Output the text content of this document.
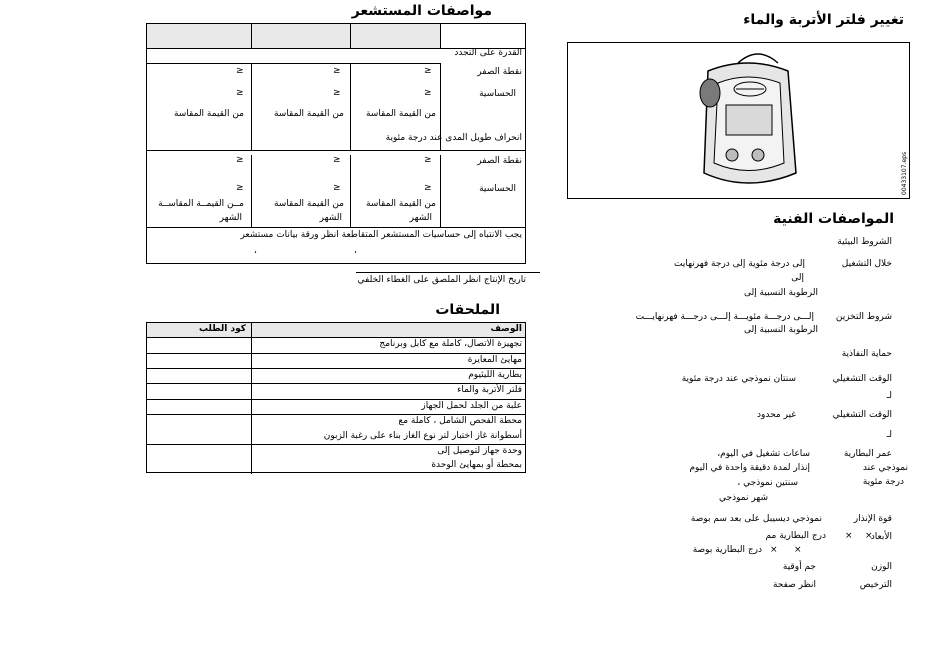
مواصفات المستشعر
القدرة على التجدد
نقطة الصفر
≥
≥
≥
الحساسية
≥
≥
≥
من القيمة المقاسة
من القيمة المقاسة
من القيمة المقاسة
انحراف طويل المدى عند درجة مئوية
نقطة الصفر
≥
≥
≥
الحساسية
≥
≥
≥
من القيمة المقاسة
من القيمة المقاسة
مــن القيمــة المقاســة
الشهر
الشهر
الشهر
يجب الانتباه إلى حساسيات المستشعر المتقاطعة انظر ورقة بيانات مستشعر
،
،
تاريخ الإنتاج انظر الملصق على الغطاء الخلفي
الملحقات
الوصف
كود الطلب
تجهيزة الاتصال، كاملة مع كابل وبرنامج
مهايئ المعايرة
بطارية الليثيوم
فلتر الأتربة والماء
علبة من الجلد لحمل الجهاز
محطة الفحص الشامل ، كاملة مع
أسطوانة غاز اختبار لتر نوع الغاز بناء على رغبة الزبون
وحدة جهاز لتوصيل إلى
بمحطة أو بمهايئ الوحدة
تغيير فلتر الأتربة والماء
00433107.eps
المواصفات الفنية
الشروط البيئية
خلال التشغيل
إلى درجة مئوية إلى درجة فهرنهايت
إلى
الرطوبة النسبية إلى
شروط التخزين
إلـــى درجـــة مئويـــة إلـــى درجـــة فهرنهايـــت
الرطوبة النسبية إلى
حماية النفاذية
الوقت التشغيلي
سنتان نموذجي عند درجة مئوية
لـ
الوقت التشغيلي
غير محدود
لـ
عمر البطارية
نموذجي عند
درجة مئوية
ساعات تشغيل في اليوم،
إنذار لمدة دقيقة واحدة في اليوم
سنتين نموذجي ،
شهر نموذجي
قوة الإنذار
نموذجي ديسيبل على بعد سم بوصة
الأبعاد
×
×
درج البطارية مم
×
×
درج البطارية بوصة
الوزن
جم أوقية
الترخيص
انظر صفحة
